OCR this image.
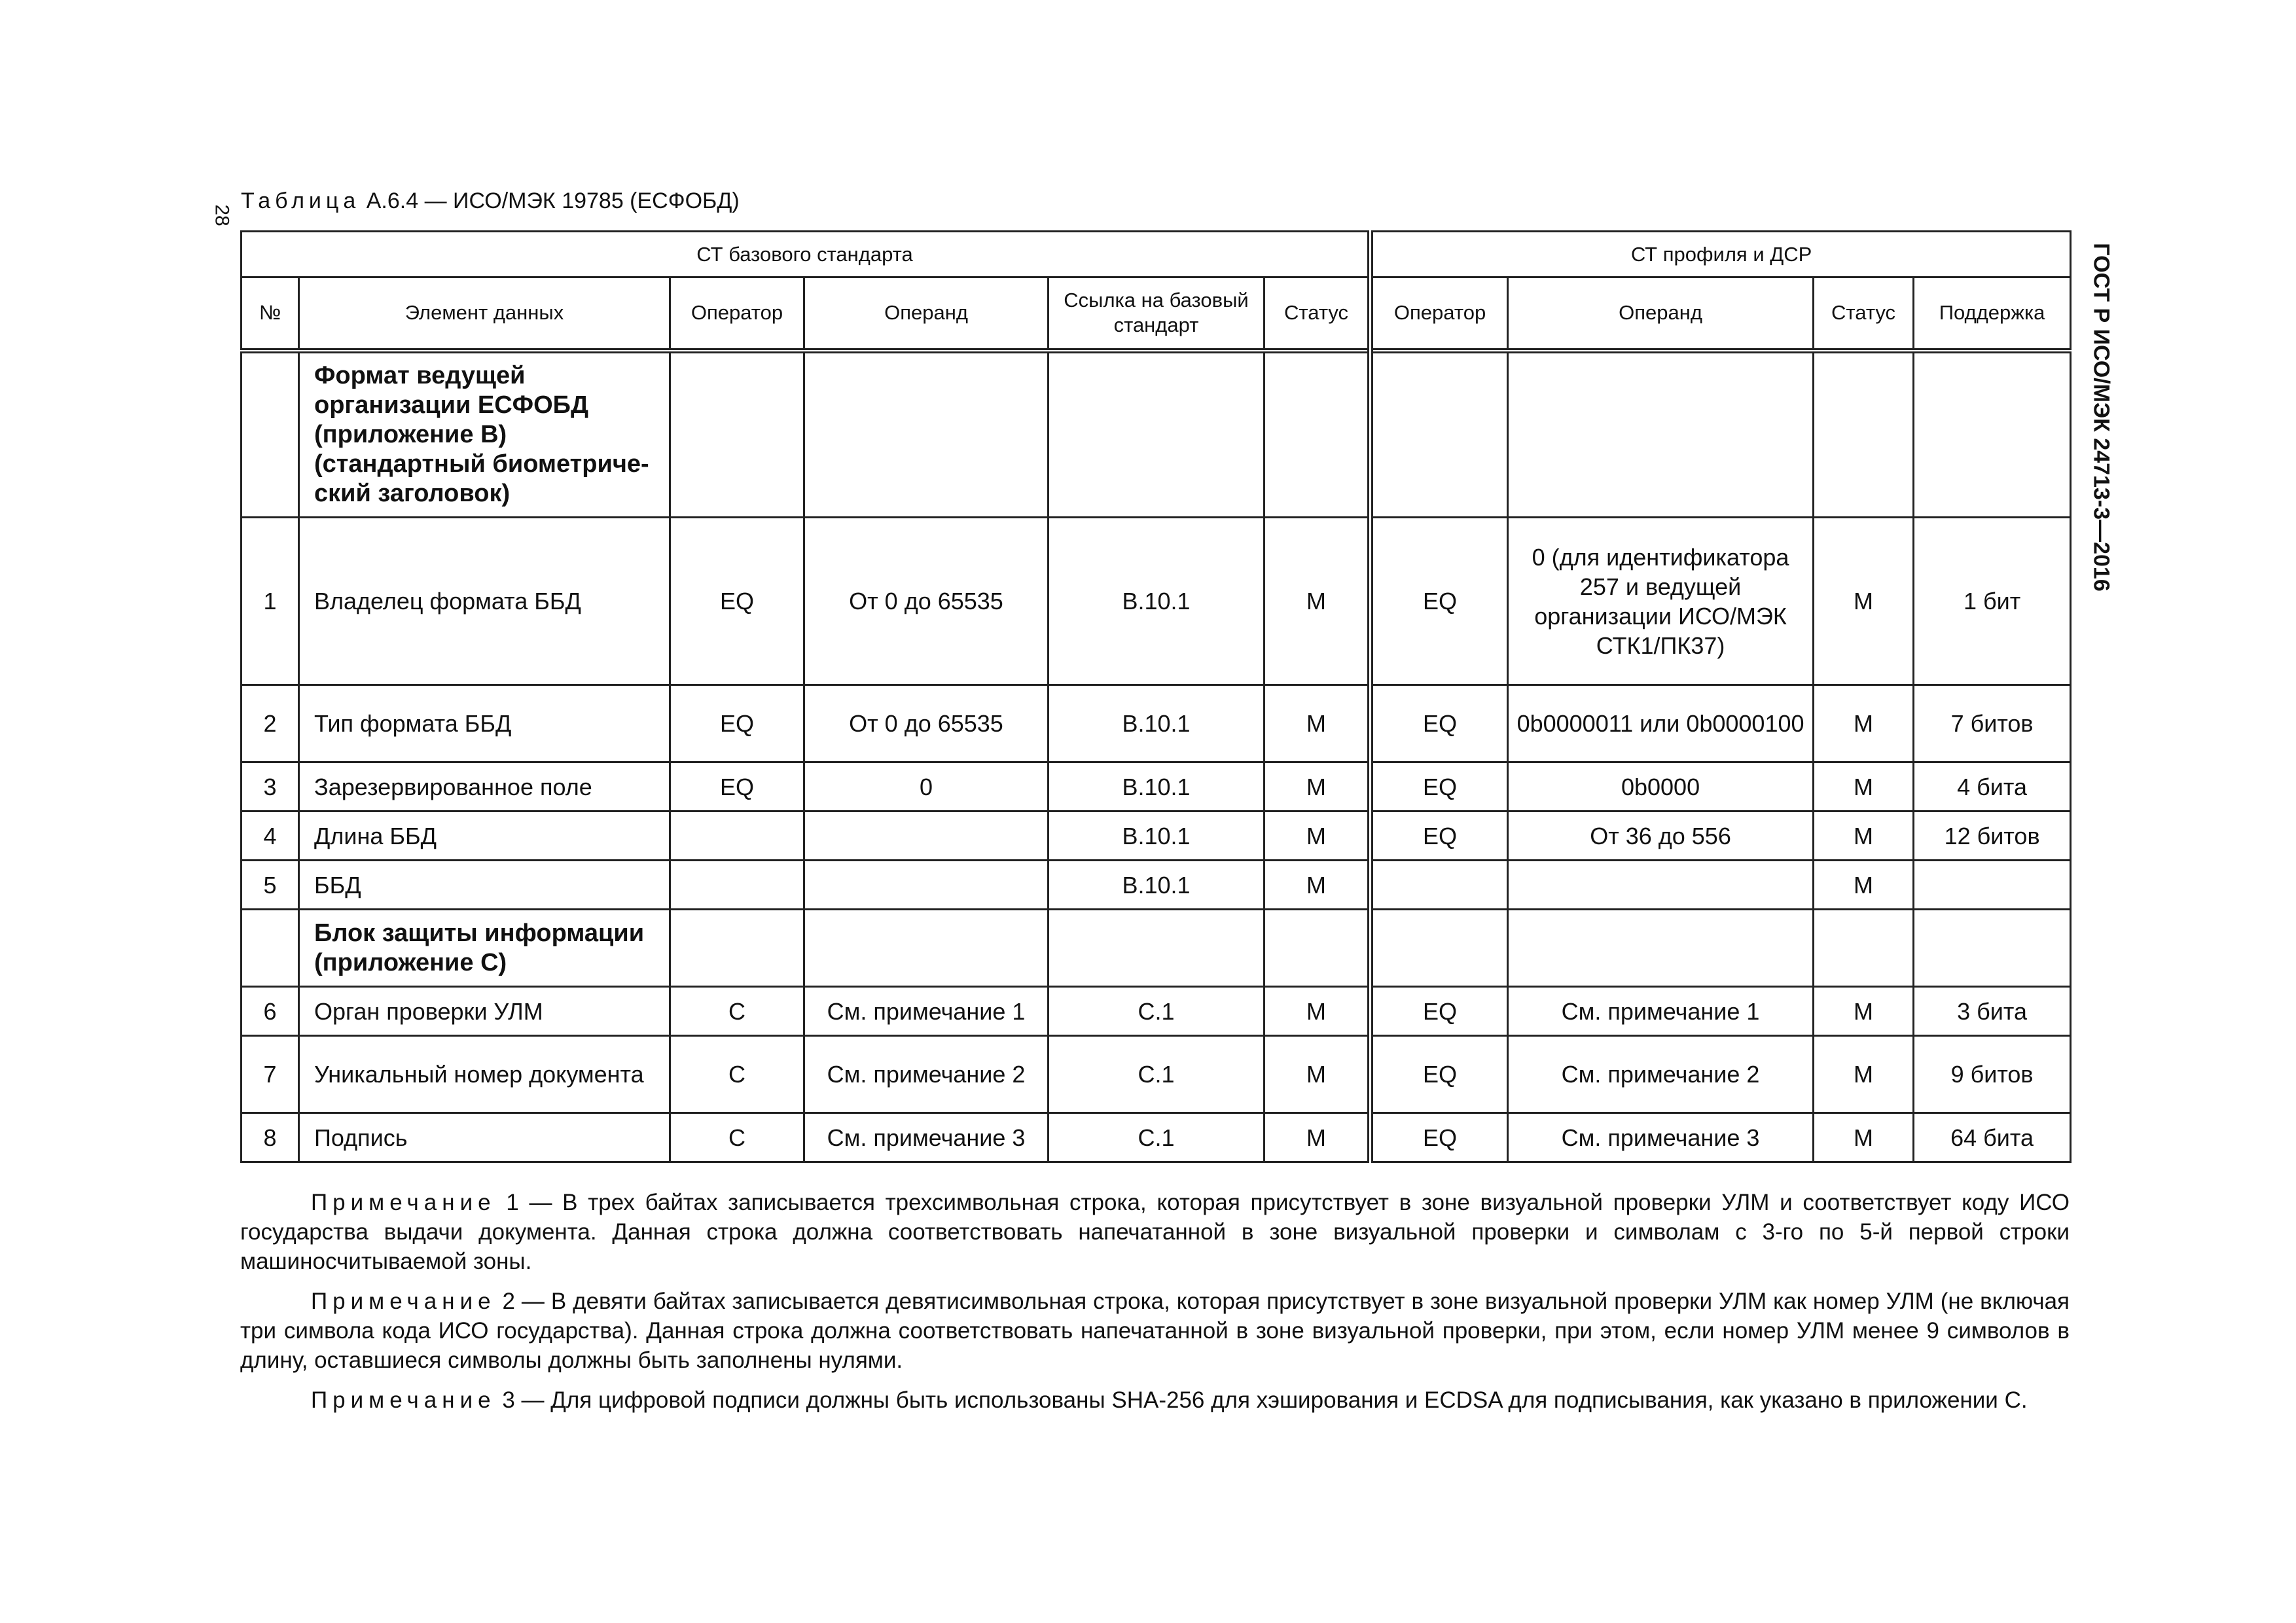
28
ГОСТ Р ИСО/МЭК 24713-3—2016
Таблица А.6.4 — ИСО/МЭК 19785 (ЕСФОБД)
СТ базового стандарта						СТ профиля и ДСР			
№	Элемент данных	Оператор	Операнд	Ссылка на базовый стандарт	Статус	Оператор	Операнд	Статус	Поддержка
	Формат ведущей организации ЕСФОБД (приложение В) (стандартный биометриче-ский заголовок)								
1	Владелец формата ББД	EQ	От 0 до 65535	В.10.1	М	EQ	0 (для идентификатора 257 и ведущей организации ИСО/МЭК СТК1/ПК37)	М	1 бит
2	Тип формата ББД	EQ	От 0 до 65535	В.10.1	М	EQ	0b0000011 или 0b0000100	М	7 битов
3	Зарезервированное поле	EQ	0	В.10.1	М	EQ	0b0000	М	4 бита
4	Длина ББД			В.10.1	М	EQ	От 36 до 556	М	12 битов
5	ББД			В.10.1	М			М	
	Блок защиты информации (приложение С)								
6	Орган проверки УЛМ	C	См. примечание 1	С.1	М	EQ	См. примечание 1	М	3 бита
7	Уникальный номер документа	C	См. примечание 2	С.1	М	EQ	См. примечание 2	М	9 битов
8	Подпись	C	См. примечание 3	С.1	М	EQ	См. примечание 3	М	64 бита

Примечание 1 — В трех байтах записывается трехсимвольная строка, которая присутствует в зоне визуальной проверки УЛМ и соответствует коду ИСО государства выдачи документа. Данная строка должна соответствовать напечатанной в зоне визуальной проверки и символам с 3-го по 5-й первой строки машиносчитываемой зоны.

Примечание 2 — В девяти байтах записывается девятисимвольная строка, которая присутствует в зоне визуальной проверки УЛМ как номер УЛМ (не включая три символа кода ИСО государства). Данная строка должна соответствовать напечатанной в зоне визуальной проверки, при этом, если номер УЛМ менее 9 символов в длину, оставшиеся символы должны быть заполнены нулями.

Примечание 3 — Для цифровой подписи должны быть использованы SHA-256 для хэширования и ECDSA для подписывания, как указано в приложении С.
